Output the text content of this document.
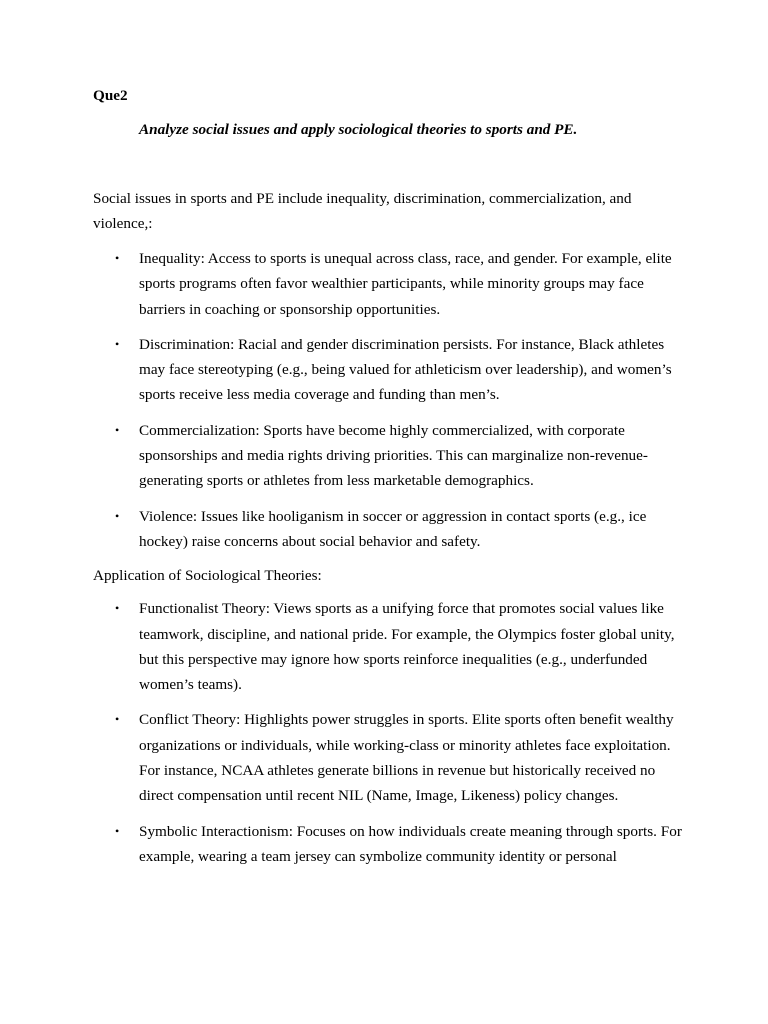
Que2

Analyze social issues and apply sociological theories to sports and PE.

Social issues in sports and PE include inequality, discrimination, commercialization, and violence,:

• Inequality: Access to sports is unequal across class, race, and gender. For example, elite sports programs often favor wealthier participants, while minority groups may face barriers in coaching or sponsorship opportunities.
• Discrimination: Racial and gender discrimination persists. For instance, Black athletes may face stereotyping (e.g., being valued for athleticism over leadership), and women’s sports receive less media coverage and funding than men’s.
• Commercialization: Sports have become highly commercialized, with corporate sponsorships and media rights driving priorities. This can marginalize non-revenue-generating sports or athletes from less marketable demographics.
• Violence: Issues like hooliganism in soccer or aggression in contact sports (e.g., ice hockey) raise concerns about social behavior and safety.

Application of Sociological Theories:

• Functionalist Theory: Views sports as a unifying force that promotes social values like teamwork, discipline, and national pride. For example, the Olympics foster global unity, but this perspective may ignore how sports reinforce inequalities (e.g., underfunded women’s teams).
• Conflict Theory: Highlights power struggles in sports. Elite sports often benefit wealthy organizations or individuals, while working-class or minority athletes face exploitation. For instance, NCAA athletes generate billions in revenue but historically received no direct compensation until recent NIL (Name, Image, Likeness) policy changes.
• Symbolic Interactionism: Focuses on how individuals create meaning through sports. For example, wearing a team jersey can symbolize community identity or personal
